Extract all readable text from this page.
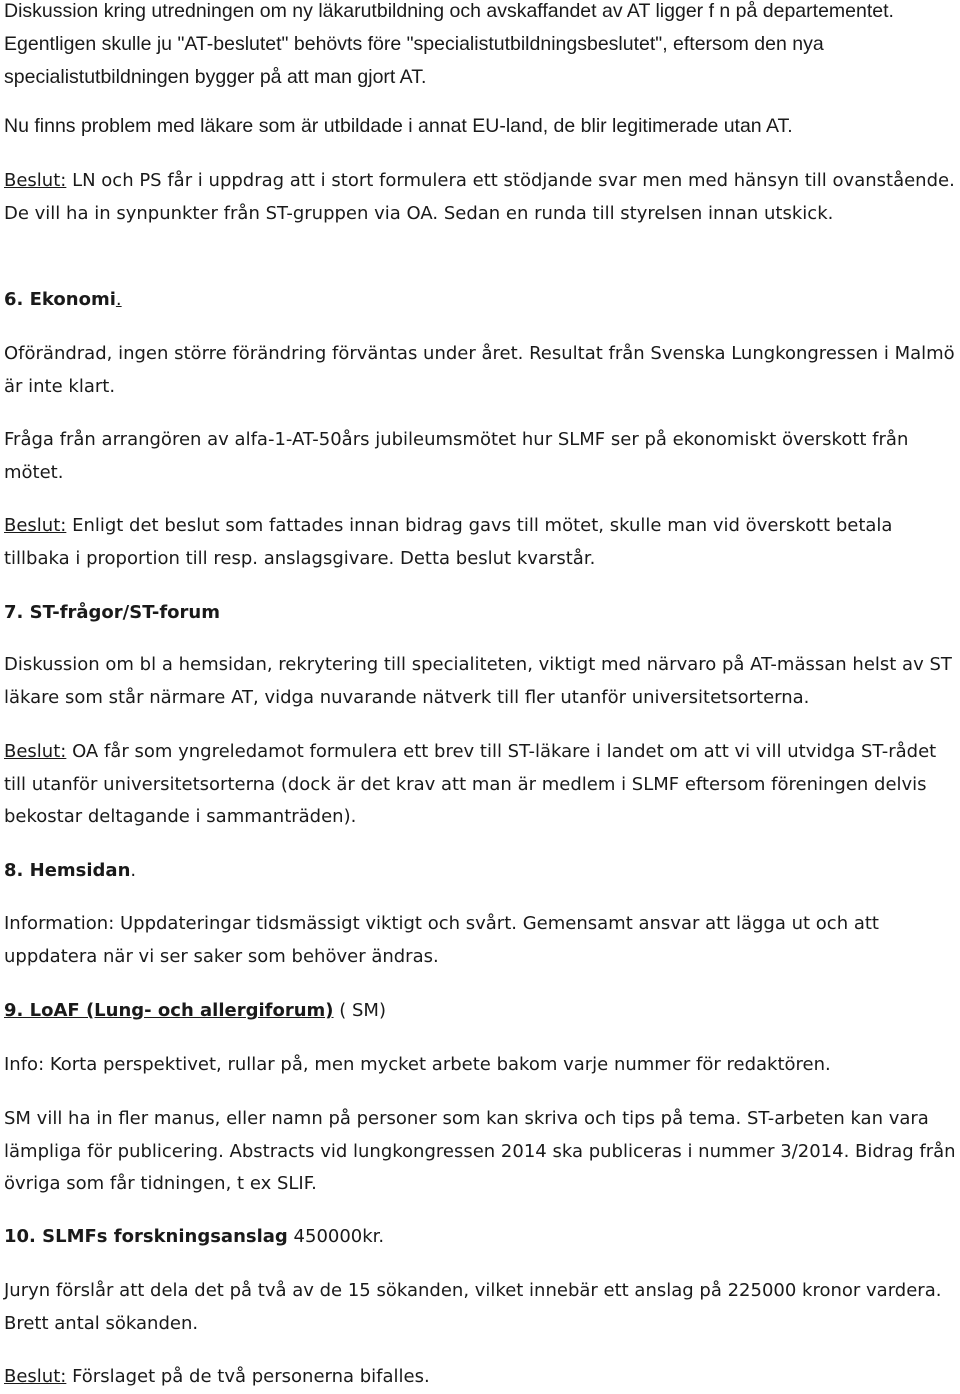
Diskussion kring utredningen om ny läkarutbildning och avskaffandet av AT ligger f n på departementet. Egentligen skulle ju "AT-beslutet" behövts före "specialistutbildningsbeslutet", eftersom den nya specialistutbildningen bygger på att man gjort AT.

Nu finns problem med läkare som är utbildade i annat EU-land, de blir legitimerade utan AT.

Beslut: LN och PS får i uppdrag att i stort formulera ett stödjande svar men med hänsyn till ovanstående. De vill ha in synpunkter från ST-gruppen via OA. Sedan en runda till styrelsen innan utskick.

6. Ekonomi.

Oförändrad, ingen större förändring förväntas under året. Resultat från Svenska Lungkongressen i Malmö är inte klart.

Fråga från arrangören av alfa-1-AT-50års jubileumsmötet hur SLMF ser på ekonomiskt överskott från mötet.

Beslut: Enligt det beslut som fattades innan bidrag gavs till mötet, skulle man vid överskott betala tillbaka i proportion till resp. anslagsgivare. Detta beslut kvarstår.

7. ST-frågor/ST-forum

Diskussion om bl a hemsidan, rekrytering till specialiteten, viktigt med närvaro på AT-mässan helst av ST läkare som står närmare AT, vidga nuvarande nätverk till fler utanför universitetsorterna.

Beslut: OA får som yngreledamot formulera ett brev till ST-läkare i landet om att vi vill utvidga ST-rådet till utanför universitetsorterna (dock är det krav att man är medlem i SLMF eftersom föreningen delvis bekostar deltagande i sammanträden).

8. Hemsidan.

Information: Uppdateringar tidsmässigt viktigt och svårt. Gemensamt ansvar att lägga ut och att uppdatera när vi ser saker som behöver ändras.

9. LoAF (Lung- och allergiforum) ( SM)

Info: Korta perspektivet, rullar på, men mycket arbete bakom varje nummer för redaktören.

SM vill ha in fler manus, eller namn på personer som kan skriva och tips på tema. ST-arbeten kan vara lämpliga för publicering. Abstracts vid lungkongressen 2014 ska publiceras i nummer 3/2014. Bidrag från övriga som får tidningen, t ex SLIF.

10. SLMFs forskningsanslag 450000kr.

Juryn förslår att dela det på två av de 15 sökanden, vilket innebär ett anslag på 225000 kronor vardera. Brett antal sökanden.

Beslut: Förslaget på de två personerna bifalles.
